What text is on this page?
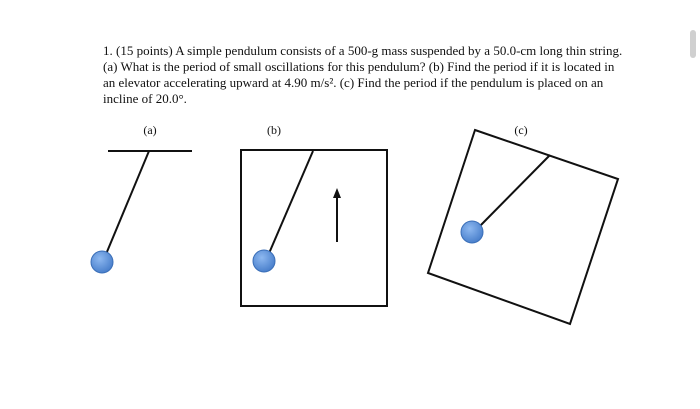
1. (15 points) A simple pendulum consists of a 500-g mass suspended by a 50.0-cm long thin string. (a) What is the period of small oscillations for this pendulum? (b) Find the period if it is located in an elevator accelerating upward at 4.90 m/s². (c) Find the period if the pendulum is placed on an incline of 20.0°.

(a)	(b)	(c)
